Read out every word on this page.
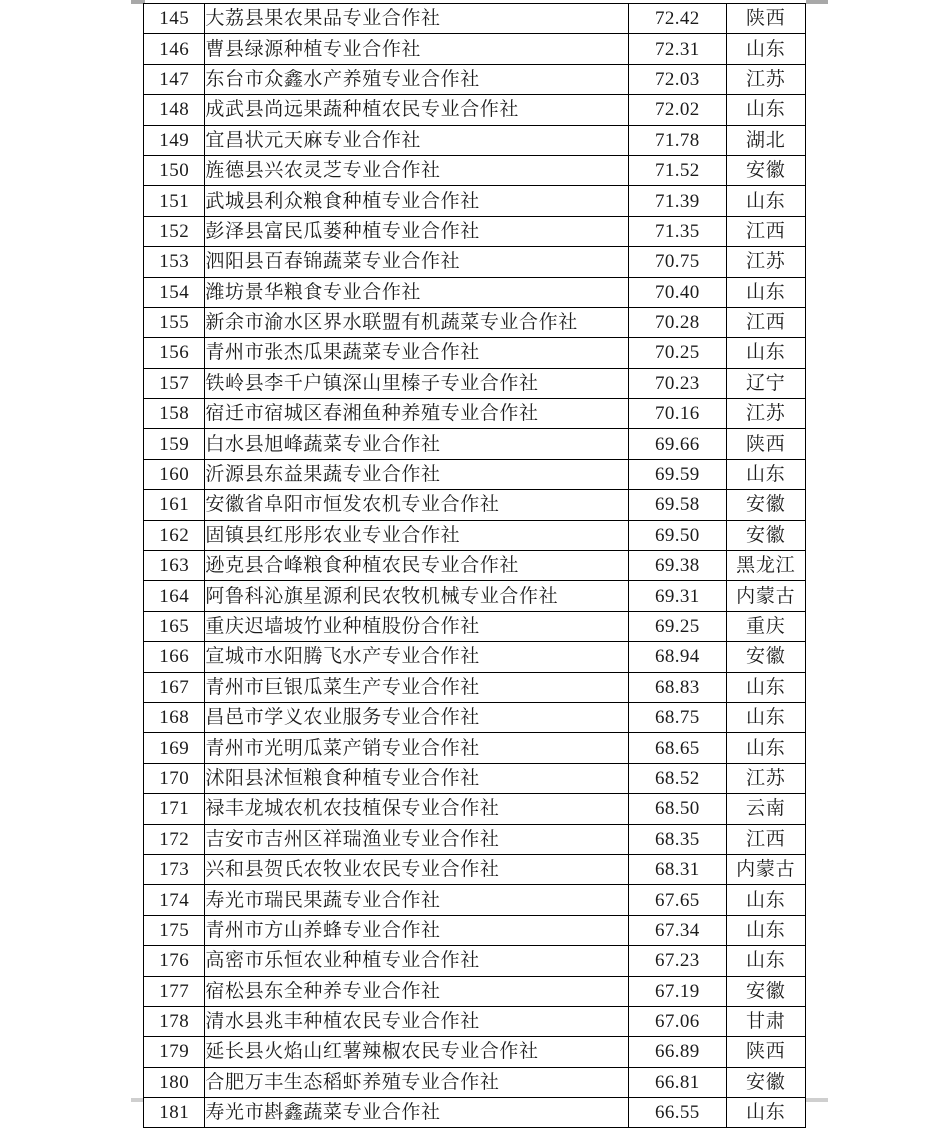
145	大荔县果农果品专业合作社	72.42	陕西
146	曹县绿源种植专业合作社	72.31	山东
147	东台市众鑫水产养殖专业合作社	72.03	江苏
148	成武县尚远果蔬种植农民专业合作社	72.02	山东
149	宜昌状元天麻专业合作社	71.78	湖北
150	旌德县兴农灵芝专业合作社	71.52	安徽
151	武城县利众粮食种植专业合作社	71.39	山东
152	彭泽县富民瓜蒌种植专业合作社	71.35	江西
153	泗阳县百春锦蔬菜专业合作社	70.75	江苏
154	潍坊景华粮食专业合作社	70.40	山东
155	新余市渝水区界水联盟有机蔬菜专业合作社	70.28	江西
156	青州市张杰瓜果蔬菜专业合作社	70.25	山东
157	铁岭县李千户镇深山里榛子专业合作社	70.23	辽宁
158	宿迁市宿城区春湘鱼种养殖专业合作社	70.16	江苏
159	白水县旭峰蔬菜专业合作社	69.66	陕西
160	沂源县东益果蔬专业合作社	69.59	山东
161	安徽省阜阳市恒发农机专业合作社	69.58	安徽
162	固镇县红彤彤农业专业合作社	69.50	安徽
163	逊克县合峰粮食种植农民专业合作社	69.38	黑龙江
164	阿鲁科沁旗星源利民农牧机械专业合作社	69.31	内蒙古
165	重庆迟墙坡竹业种植股份合作社	69.25	重庆
166	宣城市水阳腾飞水产专业合作社	68.94	安徽
167	青州市巨银瓜菜生产专业合作社	68.83	山东
168	昌邑市学义农业服务专业合作社	68.75	山东
169	青州市光明瓜菜产销专业合作社	68.65	山东
170	沭阳县沭恒粮食种植专业合作社	68.52	江苏
171	禄丰龙城农机农技植保专业合作社	68.50	云南
172	吉安市吉州区祥瑞渔业专业合作社	68.35	江西
173	兴和县贺氏农牧业农民专业合作社	68.31	内蒙古
174	寿光市瑞民果蔬专业合作社	67.65	山东
175	青州市方山养蜂专业合作社	67.34	山东
176	高密市乐恒农业种植专业合作社	67.23	山东
177	宿松县东全种养专业合作社	67.19	安徽
178	清水县兆丰种植农民专业合作社	67.06	甘肃
179	延长县火焰山红薯辣椒农民专业合作社	66.89	陕西
180	合肥万丰生态稻虾养殖专业合作社	66.81	安徽
181	寿光市斟鑫蔬菜专业合作社	66.55	山东
